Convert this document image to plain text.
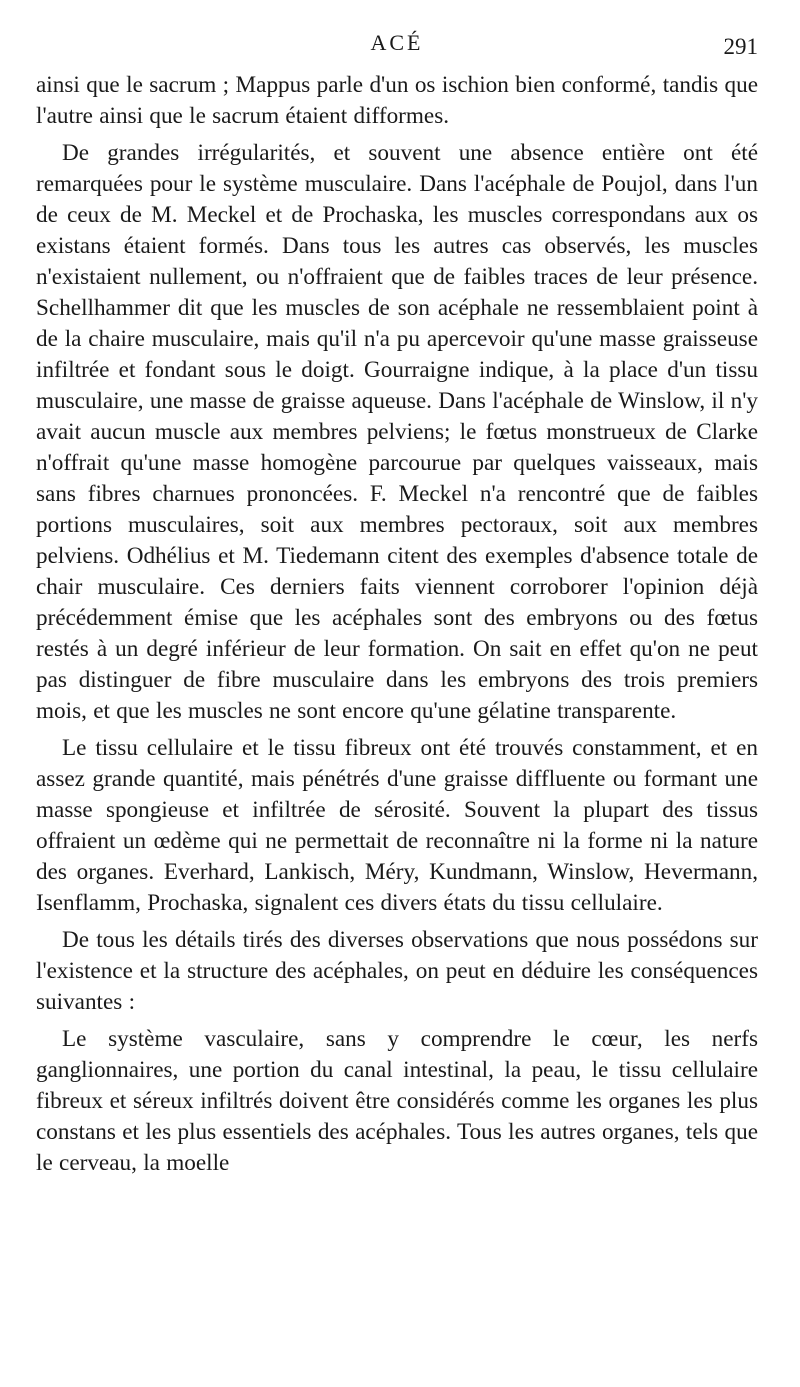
ACÉ	291

ainsi que le sacrum ; Mappus parle d'un os ischion bien conformé, tandis que l'autre ainsi que le sacrum étaient difformes.

De grandes irrégularités, et souvent une absence entière ont été remarquées pour le système musculaire. Dans l'acéphale de Poujol, dans l'un de ceux de M. Meckel et de Prochaska, les muscles correspondans aux os existans étaient formés. Dans tous les autres cas observés, les muscles n'existaient nullement, ou n'offraient que de faibles traces de leur présence. Schellhammer dit que les muscles de son acéphale ne ressemblaient point à de la chaire musculaire, mais qu'il n'a pu apercevoir qu'une masse graisseuse infiltrée et fondant sous le doigt. Gourraigne indique, à la place d'un tissu musculaire, une masse de graisse aqueuse. Dans l'acéphale de Winslow, il n'y avait aucun muscle aux membres pelviens; le fœtus monstrueux de Clarke n'offrait qu'une masse homogène parcourue par quelques vaisseaux, mais sans fibres charnues prononcées. F. Meckel n'a rencontré que de faibles portions musculaires, soit aux membres pectoraux, soit aux membres pelviens. Odhélius et M. Tiedemann citent des exemples d'absence totale de chair musculaire. Ces derniers faits viennent corroborer l'opinion déjà précédemment émise que les acéphales sont des embryons ou des fœtus restés à un degré inférieur de leur formation. On sait en effet qu'on ne peut pas distinguer de fibre musculaire dans les embryons des trois premiers mois, et que les muscles ne sont encore qu'une gélatine transparente.

Le tissu cellulaire et le tissu fibreux ont été trouvés constamment, et en assez grande quantité, mais pénétrés d'une graisse diffluente ou formant une masse spongieuse et infiltrée de sérosité. Souvent la plupart des tissus offraient un œdème qui ne permettait de reconnaître ni la forme ni la nature des organes. Everhard, Lankisch, Méry, Kundmann, Winslow, Hevermann, Isenflamm, Prochaska, signalent ces divers états du tissu cellulaire.

De tous les détails tirés des diverses observations que nous possédons sur l'existence et la structure des acéphales, on peut en déduire les conséquences suivantes :

Le système vasculaire, sans y comprendre le cœur, les nerfs ganglionnaires, une portion du canal intestinal, la peau, le tissu cellulaire fibreux et séreux infiltrés doivent être considérés comme les organes les plus constans et les plus essentiels des acéphales. Tous les autres organes, tels que le cerveau, la moelle
